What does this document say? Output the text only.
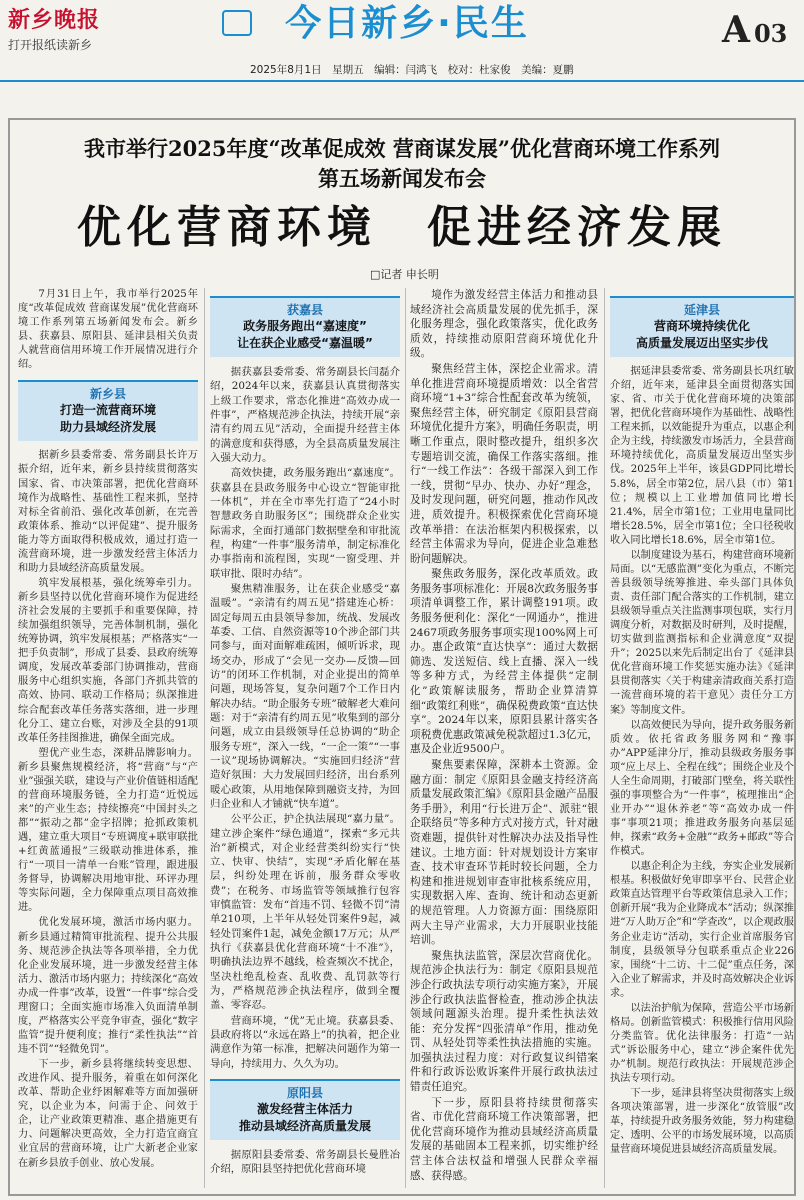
新乡晚报
打开报纸读新乡
今日新乡·民生	A 03
2025年8月1日　星期五　编辑：闫鸿飞　校对：杜家俊　美编：夏鹏
我市举行2025年度“改革促成效 营商谋发展”优化营商环境工作系列
第五场新闻发布会
优化营商环境　促进经济发展
□记者 申长明

7月31日上午，我市举行2025年度“改革促成效 营商谋发展”优化营商环境工作系列第五场新闻发布会。新乡县、获嘉县、原阳县、延津县相关负责人就营商信用环境工作开展情况进行介绍。

新乡县
打造一流营商环境
助力县域经济发展

据新乡县委常委、常务副县长许万振介绍，近年来，新乡县持续贯彻落实国家、省、市决策部署，把优化营商环境作为战略性、基础性工程来抓，坚持对标全省前沿、强化改革创新，在完善政策体系、推动“以评促建”、提升服务能力等方面取得积极成效，通过打造一流营商环境，进一步激发经营主体活力和助力县域经济高质量发展。

筑牢发展根基，强化统筹牵引力。新乡县坚持以优化营商环境作为促进经济社会发展的主要抓手和重要保障，持续加强组织领导，完善体制机制，强化统筹协调，筑牢发展根基；严格落实“一把手负责制”，形成了县委、县政府统筹调度，发展改革委部门协调推动，营商服务中心组织实施，各部门齐抓共管的高效、协同、联动工作格局；纵深推进综合配套改革任务落实落细，进一步理化分工、建立台账，对涉及全县的91项改革任务挂图推进，确保全面完成。

塑优产业生态，深耕品牌影响力。新乡县聚焦规模经济，将“营商”与“产业”强强关联，建设与产业价值链相适配的营商环境服务链，全力打造“近悦远来”的产业生态；持续擦亮“中国封头之都”“振动之都”金字招牌；抢抓政策机遇，建立重大项目“专班调度+联审联批+红黄蓝通报”三级联动推进体系，推行“一项目一清单一台账”管理，跟进服务督导，协调解决用地审批、环评办理等实际问题，全力保障重点项目高效推进。

优化发展环境，激活市场内驱力。新乡县通过精简审批流程、提升公共服务、规范涉企执法等各项举措，全力优化企业发展环境，进一步激发经营主体活力、激活市场内驱力；持续深化“高效办成一件事”改革，设置“一件事”综合受理窗口；全面实施市场准入负面清单制度，严格落实公平竞争审查，强化“数字监管”提升便利度；推行“柔性执法”“首违不罚”“轻微免罚”。

下一步，新乡县将继续转变思想、改进作风、提升服务，着重在如何深化改革、帮助企业纾困解难等方面加强研究，以企业为本，问需于企、问效于企，让产业政策更精准、惠企措施更有力、问题解决更高效，全力打造宜商宜业宜居的营商环境，让广大新老企业家在新乡县放手创业、放心发展。

获嘉县
政务服务跑出“嘉速度”
让在获企业感受“嘉温暖”

据获嘉县委常委、常务副县长闫磊介绍，2024年以来，获嘉县认真贯彻落实上级工作要求，常态化推进“高效办成一件事”，严格规范涉企执法，持续开展“亲清有约周五见”活动，全面提升经营主体的满意度和获得感，为全县高质量发展注入强大动力。

高效快捷，政务服务跑出“嘉速度”。获嘉县在县政务服务中心设立“智能审批一体机”，并在全市率先打造了“24小时智慧政务自助服务区”；围绕群众企业实际需求，全面打通部门数据壁垒和审批流程，构建“一件事”服务清单，制定标准化办事指南和流程图，实现“一窗受理、并联审批、限时办结”。

聚焦精准服务，让在获企业感受“嘉温暖”。“亲清有约周五见”搭建连心桥：固定每周五由县领导参加，统战、发展改革委、工信、自然资源等10个涉企部门共同参与，面对面解难疏困，倾听诉求，现场交办，形成了“会见一交办—反馈—回访”的闭环工作机制，对企业提出的简单问题，现场答复，复杂问题7个工作日内解决办结。“助企服务专班”破解老大难问题：对于“亲清有约周五见”收集到的部分问题，成立由县级领导任总协调的“助企服务专班”，深入一线，“一企一策”“一事一议”现场协调解决。“实施回归经济”营造好氛围：大力发展回归经济，出台系列暖心政策，从用地保障到融资支持，为回归企业和人才铺就“快车道”。

公平公正，护企执法展现“嘉力量”。建立涉企案件“绿色通道”，探索“多元共治”新模式，对企业经营类纠纷实行“快立、快审、快结”，实现“矛盾化解在基层，纠纷处理在诉前，服务群众零收费”；在税务、市场监管等领域推行包容审慎监管：发布“首违不罚、轻微不罚”清单210项，上半年从轻处罚案件9起，减轻处罚案件1起，减免金额17万元；从严执行《获嘉县优化营商环境“十不准”》，明确执法边界不越线，检查频次不扰企，坚决杜绝乱检查、乱收费、乱罚款等行为，严格规范涉企执法程序，做到全覆盖、零容忍。

营商环境，“优”无止境。获嘉县委、县政府将以“永远在路上”的执着，把企业满意作为第一标准，把解决问题作为第一导向，持续用力、久久为功。

原阳县
激发经营主体活力
推动县域经济高质量发展

据原阳县委常委、常务副县长曼胜冶介绍，原阳县坚持把优化营商环境

境作为激发经营主体活力和推动县域经济社会高质量发展的优先抓手，深化服务理念，强化政策落实，优化政务质效，持续推动原阳营商环境优化升级。

聚焦经营主体，深挖企业需求。清单化推进营商环境提质增效：以全省营商环境“1+3”综合性配套改革为统领，聚焦经营主体，研究制定《原阳县营商环境优化提升方案》，明确任务职责，明晰工作重点，限时整改提升，组织多次专题培训交流，确保工作落实落细。推行“一线工作法”：各级干部深入到工作一线，贯彻“早办、快办、办好”理念，及时发现问题，研究问题，推动作风改进，质效提升。积极探索优化营商环境改革举措：在法治框架内积极探索，以经营主体需求为导向，促进企业急难愁盼问题解决。

聚焦政务服务，深化改革质效。政务服务事项标准化：开展8次政务服务事项清单调整工作，累计调整191项。政务服务便利化：深化“一网通办”，推进2467项政务服务事项实现100%网上可办。惠企政策“直达快享”：通过大数据筛选、发送短信、线上直播、深入一线等多种方式，为经营主体提供“定制化”政策解读服务，帮助企业算清算细“政策红利账”，确保税费政策“直达快享”。2024年以来，原阳县累计落实各项税费优惠政策减免税款超过1.3亿元，惠及企业近9500户。

聚焦要素保障，深耕本土资源。金融方面：制定《原阳县金融支持经济高质量发展政策汇编》《原阳县金融产品服务手册》，利用“行长进万企”、派驻“银企联络员”等多种方式对接方式，针对融资难题，提供针对性解决办法及指导性建议。土地方面：针对规划设计方案审查、技术审查环节耗时较长问题，全力构建和推进规划审查审批核系统应用，实现数据入库、查询、统计和动态更新的规范管理。人力资源方面：围绕原阳两大主导产业需求，大力开展职业技能培训。

聚焦执法监管，深层次营商优化。规范涉企执法行为：制定《原阳县规范涉企行政执法专项行动实施方案》，开展涉企行政执法监督检查，推动涉企执法领域问题源头治理。提升柔性执法效能：充分发挥“四张清单”作用，推动免罚、从轻处罚等柔性执法措施的实施。加强执法过程力度：对行政复议纠错案件和行政诉讼败诉案件开展行政执法过错责任追究。

下一步，原阳县将持续贯彻落实省、市优化营商环境工作决策部署，把优化营商环境作为推动县域经济高质量发展的基础固本工程来抓，切实维护经营主体合法权益和增强人民群众幸福感、获得感。

延津县
营商环境持续优化
高质量发展迈出坚实步伐

据延津县委常委、常务副县长巩红敏介绍，近年来，延津县全面贯彻落实国家、省、市关于优化营商环境的决策部署，把优化营商环境作为基础性、战略性工程来抓，以效能提升为重点，以惠企利企为主线，持续激发市场活力，全县营商环境持续优化，高质量发展迈出坚实步伐。2025年上半年，该县GDP同比增长5.8%，居全市第2位，居八县（市）第1位；规模以上工业增加值同比增长21.4%，居全市第1位；工业用电量同比增长28.5%，居全市第1位；全口径税收收入同比增长18.6%，居全市第1位。

以制度建设为基石，构建营商环境新局面。以“无感监测”变化为重点，不断完善县级领导统筹推进、牵头部门具体负责、责任部门配合落实的工作机制，建立县级领导重点关注监测事项包联，实行月调度分析，对数据及时研判，及时提醒，切实做到监测指标和企业满意度“双提升”；2025以来先后制定出台了《延津县优化营商环境工作奖惩实施办法》《延津县贯彻落实〈关于构建亲清政商关系打造一流营商环境的若干意见〉责任分工方案》等制度文件。

以高效便民为导向，提升政务服务新质效。依托省政务服务网和“豫事办”APP延津分厅，推动县级政务服务事项“应上尽上、全程在线”；围绕企业及个人全生命周期，打破部门壁垒，将关联性强的事项整合为“一件事”，梳理推出“企业开办”“退休养老”等“高效办成一件事”事项21项；推进政务服务向基层延伸，探索“政务+金融”“政务+邮政”等合作模式。

以惠企利企为主线，夯实企业发展新根基。积极做好免审即享平台、民营企业政策直达管理平台等政策信息录入工作；创新开展“我为企业降成本”活动；纵深推进“万人助万企”和“学查改”，以企观政服务企业走访“活动，实行企业首席服务官制度，县级领导分包联系重点企业226家，围绕“十二访、十二促”重点任务，深入企业了解需求，并及时高效解决企业诉求。

以法治护航为保障，营造公平市场新格局。创新监管模式：积极推行信用风险分类监管。优化法律服务：打造“一站式”诉讼服务中心，建立“涉企案件优先办”机制。规范行政执法：开展规范涉企执法专项行动。

下一步，延津县将坚决贯彻落实上级各项决策部署，进一步深化“放管服”改革，持续提升政务服务效能，努力构建稳定、透明、公平的市场发展环境，以高质量营商环境促进县域经济高质量发展。
